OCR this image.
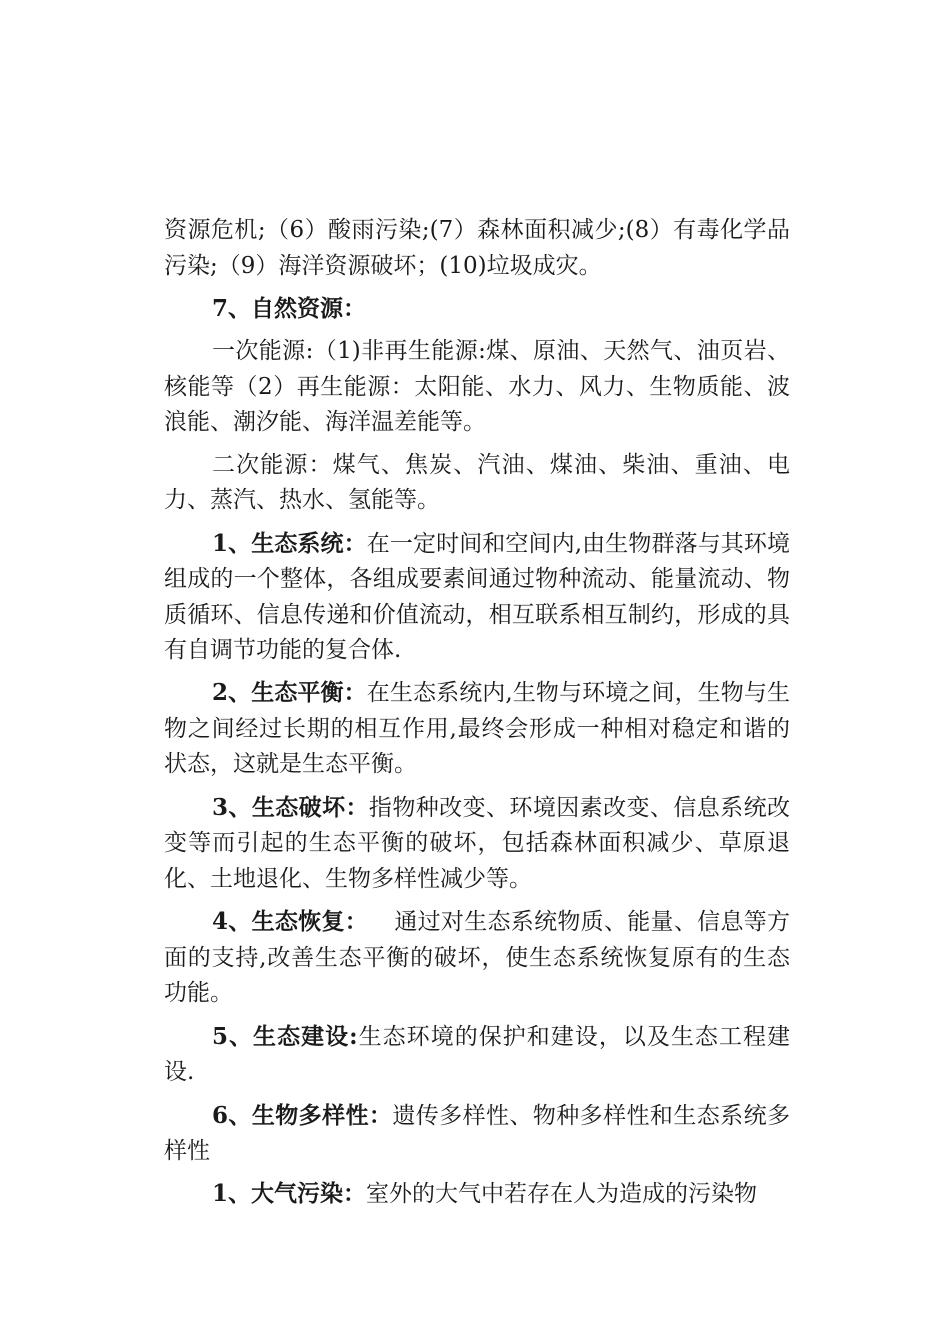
资源危机;（6）酸雨污染;(7）森林面积减少;(8）有毒化学品污染;（9）海洋资源破坏；(10)垃圾成灾。

7、自然资源：

一次能源:（1)非再生能源:煤、原油、天然气、油页岩、核能等（2）再生能源：太阳能、水力、风力、生物质能、波浪能、潮汐能、海洋温差能等。

二次能源：煤气、焦炭、汽油、煤油、柴油、重油、电力、蒸汽、热水、氢能等。

1、生态系统：在一定时间和空间内,由生物群落与其环境组成的一个整体，各组成要素间通过物种流动、能量流动、物质循环、信息传递和价值流动，相互联系相互制约，形成的具有自调节功能的复合体.

2、生态平衡：在生态系统内,生物与环境之间，生物与生物之间经过长期的相互作用,最终会形成一种相对稳定和谐的状态，这就是生态平衡。

3、生态破坏：指物种改变、环境因素改变、信息系统改变等而引起的生态平衡的破坏，包括森林面积减少、草原退化、土地退化、生物多样性减少等。

4、生态恢复： 通过对生态系统物质、能量、信息等方面的支持,改善生态平衡的破坏，使生态系统恢复原有的生态功能。

5、生态建设:生态环境的保护和建设，以及生态工程建设.

6、生物多样性：遗传多样性、物种多样性和生态系统多样性

1、大气污染：室外的大气中若存在人为造成的污染物
